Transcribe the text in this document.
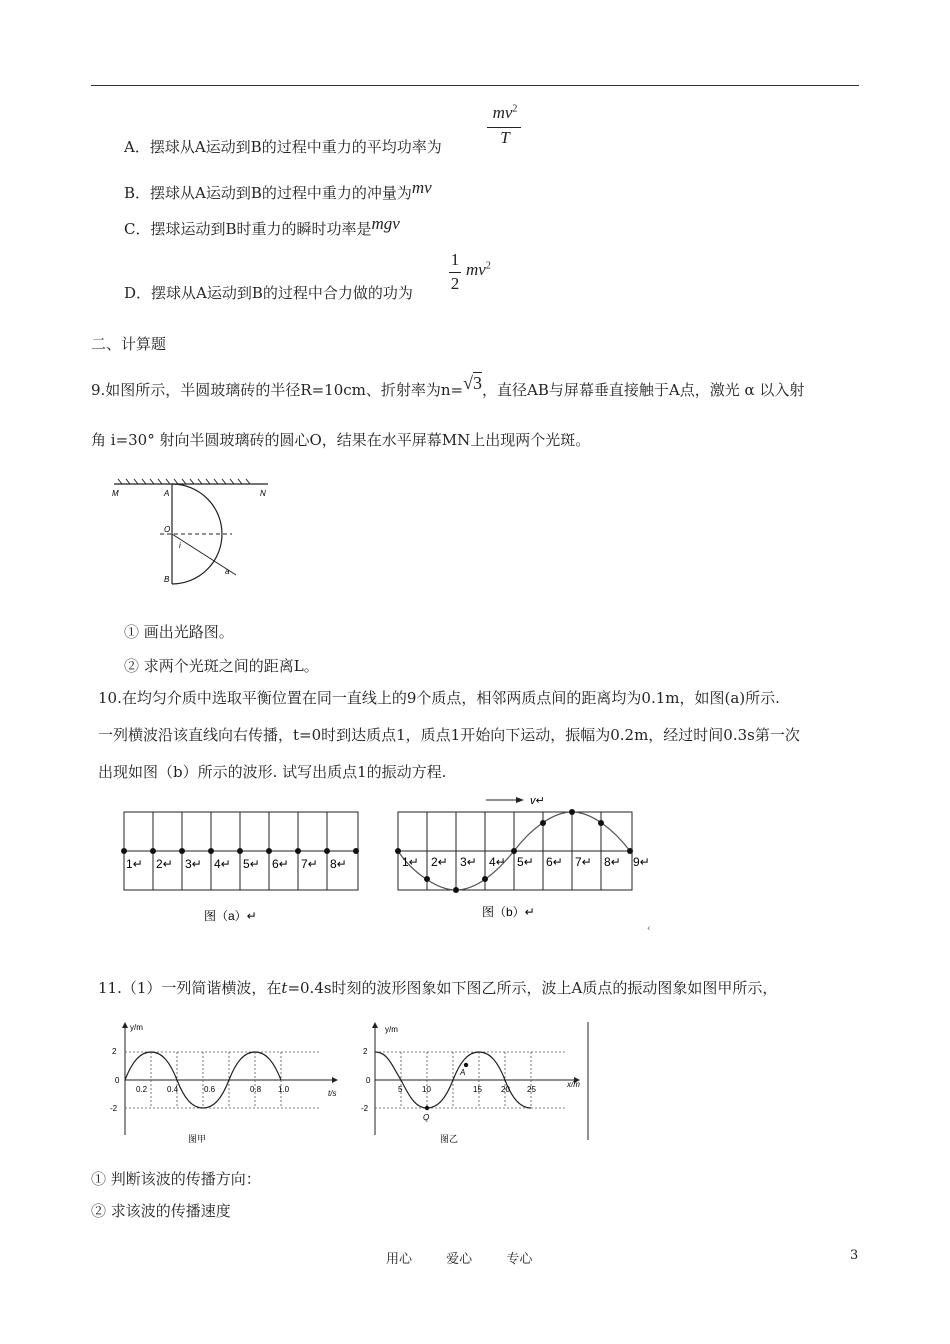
A．摆球从A运动到B的过程中重力的平均功率为
$mv^2$
T
B．摆球从A运动到B的过程中重力的冲量为mv
C．摆球运动到B时重力的瞬时功率是mgv
D．摆球从A运动到B的过程中合力做的功为
1
2
$mv^2$
二、计算题
9.如图所示，半圆玻璃砖的半径R=10cm、折射率为n=√3，直径AB与屏幕垂直接触于A点，激光 α 以入射
角 i=30° 射向半圆玻璃砖的圆心O，结果在水平屏幕MN上出现两个光斑。
M	N
A
O
B
i
a
① 画出光路图。
② 求两个光斑之间的距离L。
10.在均匀介质中选取平衡位置在同一直线上的9个质点，相邻两质点间的距离均为0.1m，如图(a)所示.
一列横波沿该直线向右传播，t=0时到达质点1，质点1开始向下运动，振幅为0.2m，经过时间0.3s第一次
出现如图（b）所示的波形. 试写出质点1的振动方程.
1↵ 2↵ 3↵ 4↵ 5↵ 6↵ 7↵ 8↵
图（a）↵
v↵
1↵ 2↵ 3↵ 4↵ 5↵ 6↵ 7↵ 8↵ 9↵
图（b）↵
‹
11.（1）一列简谐横波，在t=0.4s时刻的波形图象如下图乙所示，波上A质点的振动图象如图甲所示，
y/m
t/s
2
0
-2
0.2 0.4	0.6	0.8 1.0
图甲
y/m
x/m
2
0
-2
5 10	15 20 25
A
Q
图乙
① 判断该波的传播方向：
② 求该波的传播速度
用心	爱心	专心	3
